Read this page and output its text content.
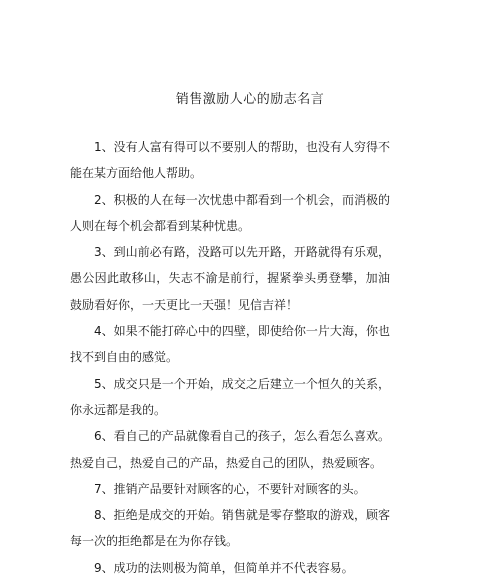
销售激励人心的励志名言

1、没有人富有得可以不要别人的帮助，也没有人穷得不能在某方面给他人帮助。

2、积极的人在每一次忧患中都看到一个机会，而消极的人则在每个机会都看到某种忧患。

3、到山前必有路，没路可以先开路，开路就得有乐观，愚公因此敢移山，失志不渝是前行，握紧拳头勇登攀，加油鼓励看好你，一天更比一天强！见信吉祥！

4、如果不能打碎心中的四壁，即使给你一片大海，你也找不到自由的感觉。

5、成交只是一个开始，成交之后建立一个恒久的关系，你永远都是我的。

6、看自己的产品就像看自己的孩子，怎么看怎么喜欢。热爱自己，热爱自己的产品，热爱自己的团队，热爱顾客。

7、推销产品要针对顾客的心，不要针对顾客的头。

8、拒绝是成交的开始。销售就是零存整取的游戏，顾客每一次的拒绝都是在为你存钱。

9、成功的法则极为简单，但简单并不代表容易。
